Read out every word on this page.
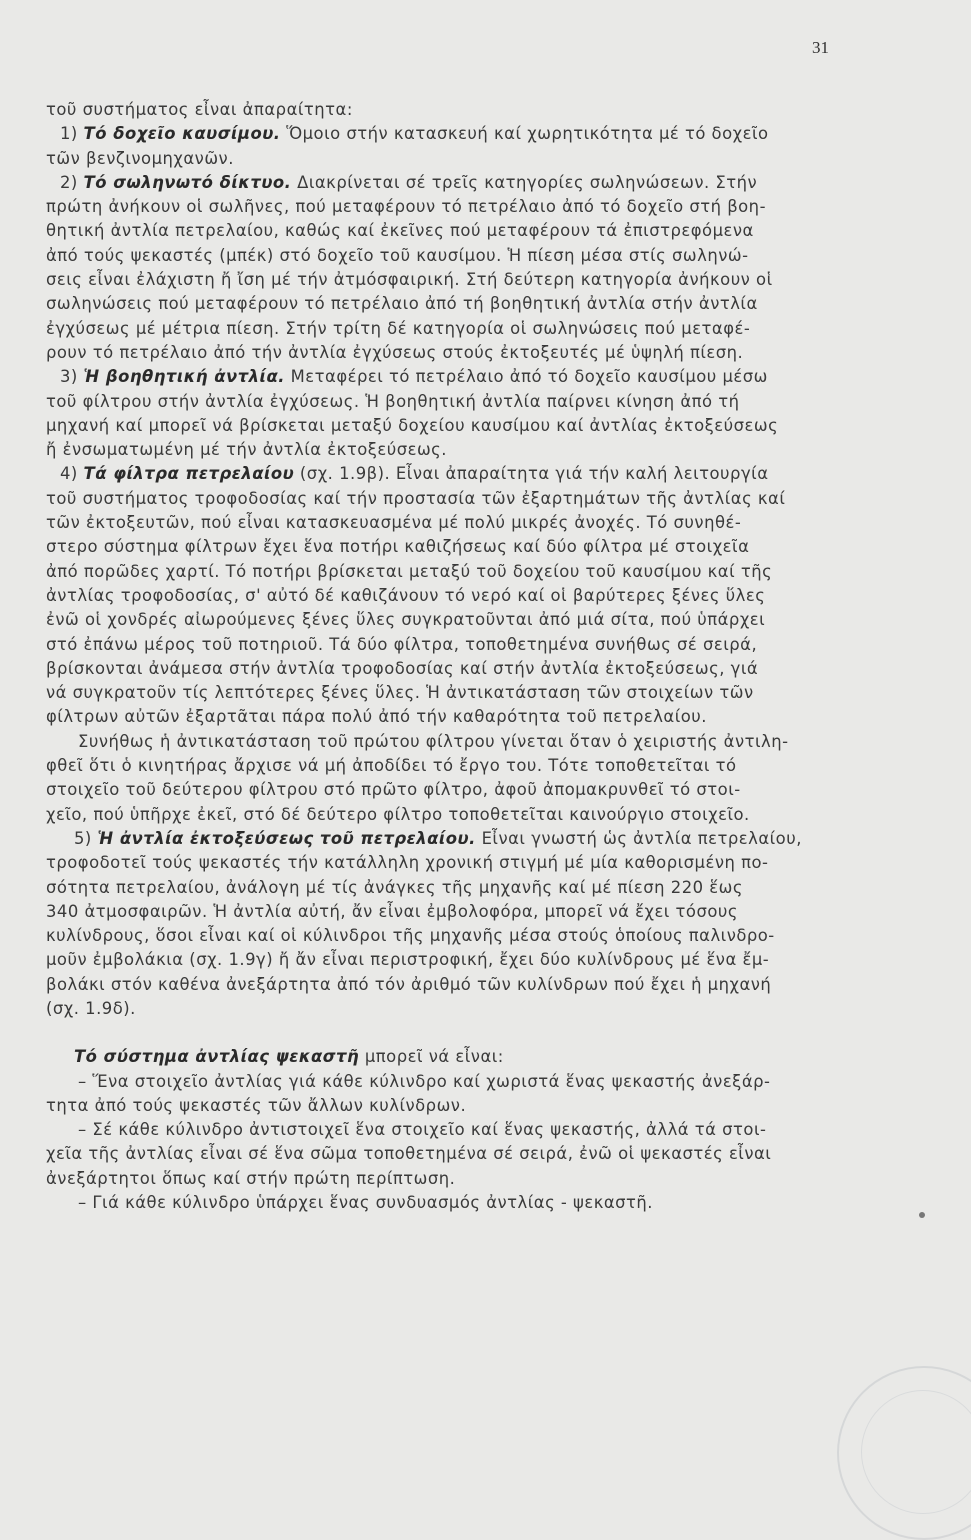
31
τοῦ συστήματος εἶναι ἀπαραίτητα:
1) Τό δοχεῖο καυσίμου. Ὅμοιο στήν κατασκευή καί χωρητικότητα μέ τό δοχεῖο
τῶν βενζινομηχανῶν.
2) Τό σωληνωτό δίκτυο. Διακρίνεται σέ τρεῖς κατηγορίες σωληνώσεων. Στήν
πρώτη ἀνήκουν οἱ σωλῆνες, πού μεταφέρουν τό πετρέλαιο ἀπό τό δοχεῖο στή βοη-
θητική ἀντλία πετρελαίου, καθώς καί ἐκεῖνες πού μεταφέρουν τά ἐπιστρεφόμενα
ἀπό τούς ψεκαστές (μπέκ) στό δοχεῖο τοῦ καυσίμου. Ἡ πίεση μέσα στίς σωληνώ-
σεις εἶναι ἐλάχιστη ἤ ἴση μέ τήν ἀτμόσφαιρική. Στή δεύτερη κατηγορία ἀνήκουν οἱ
σωληνώσεις πού μεταφέρουν τό πετρέλαιο ἀπό τή βοηθητική ἀντλία στήν ἀντλία
ἐγχύσεως μέ μέτρια πίεση. Στήν τρίτη δέ κατηγορία οἱ σωληνώσεις πού μεταφέ-
ρουν τό πετρέλαιο ἀπό τήν ἀντλία ἐγχύσεως στούς ἐκτοξευτές μέ ὑψηλή πίεση.
3) Ἡ βοηθητική ἀντλία. Μεταφέρει τό πετρέλαιο ἀπό τό δοχεῖο καυσίμου μέσω
τοῦ φίλτρου στήν ἀντλία ἐγχύσεως. Ἡ βοηθητική ἀντλία παίρνει κίνηση ἀπό τή
μηχανή καί μπορεῖ νά βρίσκεται μεταξύ δοχείου καυσίμου καί ἀντλίας ἐκτοξεύσεως
ἤ ἐνσωματωμένη μέ τήν ἀντλία ἐκτοξεύσεως.
4) Τά φίλτρα πετρελαίου (σχ. 1.9β). Εἶναι ἀπαραίτητα γιά τήν καλή λειτουργία
τοῦ συστήματος τροφοδοσίας καί τήν προστασία τῶν ἐξαρτημάτων τῆς ἀντλίας καί
τῶν ἐκτοξευτῶν, πού εἶναι κατασκευασμένα μέ πολύ μικρές ἀνοχές. Τό συνηθέ-
στερο σύστημα φίλτρων ἔχει ἕνα ποτήρι καθιζήσεως καί δύο φίλτρα μέ στοιχεῖα
ἀπό πορῶδες χαρτί. Τό ποτήρι βρίσκεται μεταξύ τοῦ δοχείου τοῦ καυσίμου καί τῆς
ἀντλίας τροφοδοσίας, σ' αὐτό δέ καθιζάνουν τό νερό καί οἱ βαρύτερες ξένες ὕλες
ἐνῶ οἱ χονδρές αἰωρούμενες ξένες ὕλες συγκρατοῦνται ἀπό μιά σίτα, πού ὑπάρχει
στό ἐπάνω μέρος τοῦ ποτηριοῦ. Τά δύο φίλτρα, τοποθετημένα συνήθως σέ σειρά,
βρίσκονται ἀνάμεσα στήν ἀντλία τροφοδοσίας καί στήν ἀντλία ἐκτοξεύσεως, γιά
νά συγκρατοῦν τίς λεπτότερες ξένες ὕλες. Ἡ ἀντικατάσταση τῶν στοιχείων τῶν
φίλτρων αὐτῶν ἐξαρτᾶται πάρα πολύ ἀπό τήν καθαρότητα τοῦ πετρελαίου.
Συνήθως ἡ ἀντικατάσταση τοῦ πρώτου φίλτρου γίνεται ὅταν ὁ χειριστής ἀντιλη-
φθεῖ ὅτι ὁ κινητήρας ἄρχισε νά μή ἀποδίδει τό ἔργο του. Τότε τοποθετεῖται τό
στοιχεῖο τοῦ δεύτερου φίλτρου στό πρῶτο φίλτρο, ἀφοῦ ἀπομακρυνθεῖ τό στοι-
χεῖο, πού ὑπῆρχε ἐκεῖ, στό δέ δεύτερο φίλτρο τοποθετεῖται καινούργιο στοιχεῖο.
5) Ἡ ἀντλία ἐκτοξεύσεως τοῦ πετρελαίου. Εἶναι γνωστή ὡς ἀντλία πετρελαίου,
τροφοδοτεῖ τούς ψεκαστές τήν κατάλληλη χρονική στιγμή μέ μία καθορισμένη πο-
σότητα πετρελαίου, ἀνάλογη μέ τίς ἀνάγκες τῆς μηχανῆς καί μέ πίεση 220 ἕως
340 ἀτμοσφαιρῶν. Ἡ ἀντλία αὐτή, ἄν εἶναι ἐμβολοφόρα, μπορεῖ νά ἔχει τόσους
κυλίνδρους, ὅσοι εἶναι καί οἱ κύλινδροι τῆς μηχανῆς μέσα στούς ὁποίους παλινδρο-
μοῦν ἐμβολάκια (σχ. 1.9γ) ἤ ἄν εἶναι περιστροφική, ἔχει δύο κυλίνδρους μέ ἕνα ἔμ-
βολάκι στόν καθένα ἀνεξάρτητα ἀπό τόν ἀριθμό τῶν κυλίνδρων πού ἔχει ἡ μηχανή
(σχ. 1.9δ).
Τό σύστημα ἀντλίας ψεκαστῆ μπορεῖ νά εἶναι:
– Ἕνα στοιχεῖο ἀντλίας γιά κάθε κύλινδρο καί χωριστά ἕνας ψεκαστής ἀνεξάρ-
τητα ἀπό τούς ψεκαστές τῶν ἄλλων κυλίνδρων.
– Σέ κάθε κύλινδρο ἀντιστοιχεῖ ἕνα στοιχεῖο καί ἕνας ψεκαστής, ἀλλά τά στοι-
χεῖα τῆς ἀντλίας εἶναι σέ ἕνα σῶμα τοποθετημένα σέ σειρά, ἐνῶ οἱ ψεκαστές εἶναι
ἀνεξάρτητοι ὅπως καί στήν πρώτη περίπτωση.
– Γιά κάθε κύλινδρο ὑπάρχει ἕνας συνδυασμός ἀντλίας - ψεκαστῆ.
